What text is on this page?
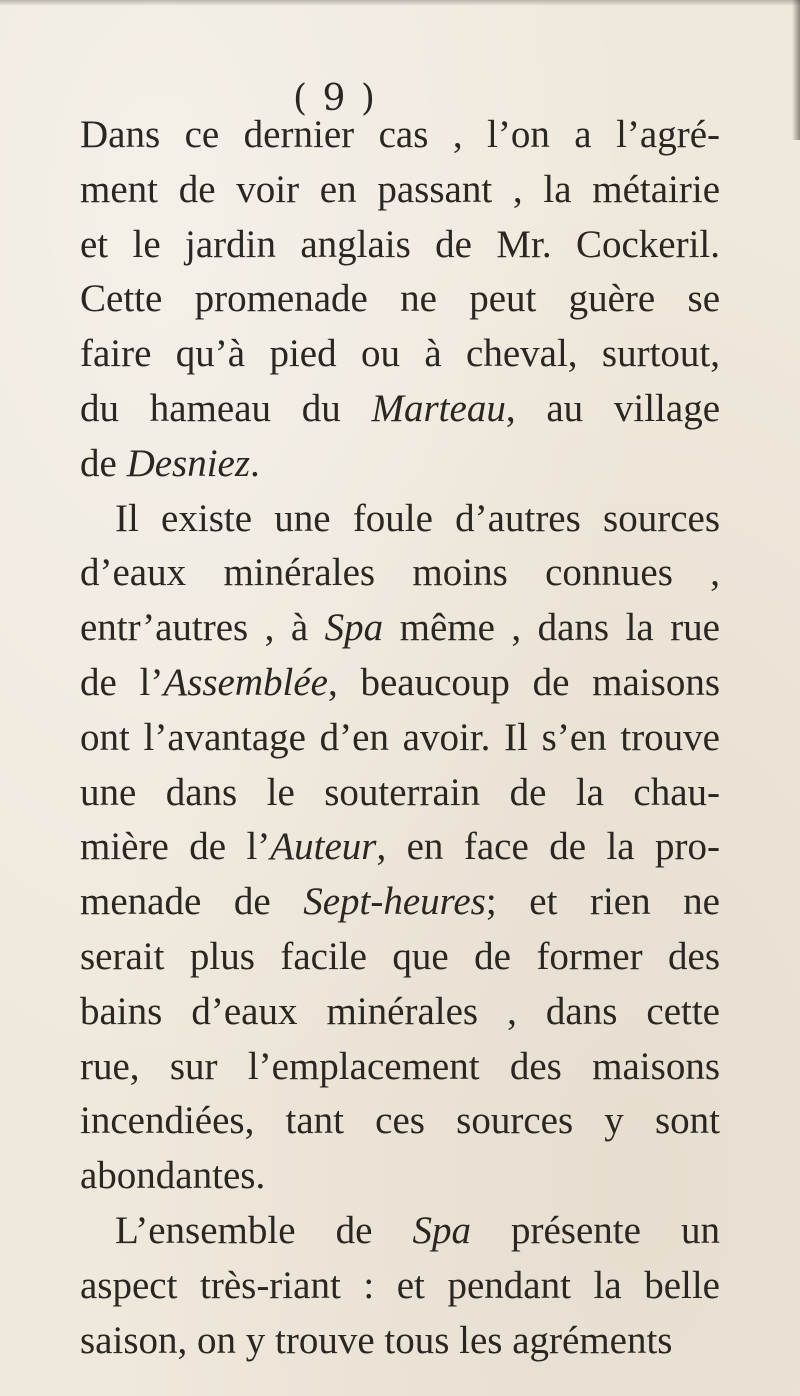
( 9 )
Dans ce dernier cas , l’on a l’agré-
ment de voir en passant , la métairie
et le jardin anglais de Mr. Cockeril.
Cette promenade ne peut guère se
faire qu’à pied ou à cheval, surtout,
du hameau du Marteau, au village
de Desniez.
Il existe une foule d’autres sources
d’eaux minérales moins connues ,
entr’autres , à Spa même , dans la rue
de l’Assemblée, beaucoup de maisons
ont l’avantage d’en avoir. Il s’en trouve
une dans le souterrain de la chau-
mière de l’Auteur, en face de la pro-
menade de Sept-heures; et rien ne
serait plus facile que de former des
bains d’eaux minérales , dans cette
rue, sur l’emplacement des maisons
incendiées, tant ces sources y sont
abondantes.
L’ensemble de Spa présente un
aspect très-riant : et pendant la belle
saison, on y trouve tous les agréments
